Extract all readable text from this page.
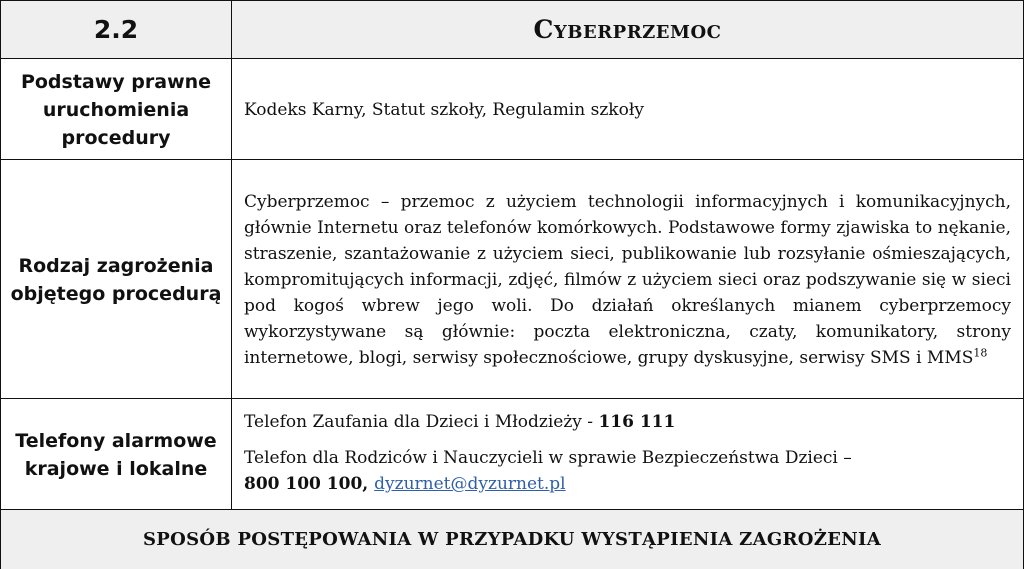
2.2	Cyberprzemoc
Podstawy prawne uruchomienia procedury
Kodeks Karny, Statut szkoły, Regulamin szkoły
Rodzaj zagrożenia objętego procedurą

Cyberprzemoc – przemoc z użyciem technologii informacyjnych i komunikacyjnych, głównie Internetu oraz telefonów komórkowych. Podstawowe formy zjawiska to nękanie, straszenie, szantażowanie z użyciem sieci, publikowanie lub rozsyłanie ośmieszających, kompromitujących informacji, zdjęć, filmów z użyciem sieci oraz podszywanie się w sieci pod kogoś wbrew jego woli. Do działań określanych mianem cyberprzemocy wykorzystywane są głównie: poczta elektroniczna, czaty, komunikatory, strony internetowe, blogi, serwisy społecznościowe, grupy dyskusyjne, serwisy SMS i MMS$^{18}$

Telefony alarmowe krajowe i lokalne
Telefon Zaufania dla Dzieci i Młodzieży - 116 111
Telefon dla Rodziców i Nauczycieli w sprawie Bezpieczeństwa Dzieci –
800 100 100, dyzurnet@dyzurnet.pl
SPOSÓB POSTĘPOWANIA W PRZYPADKU WYSTĄPIENIA ZAGROŻENIA
